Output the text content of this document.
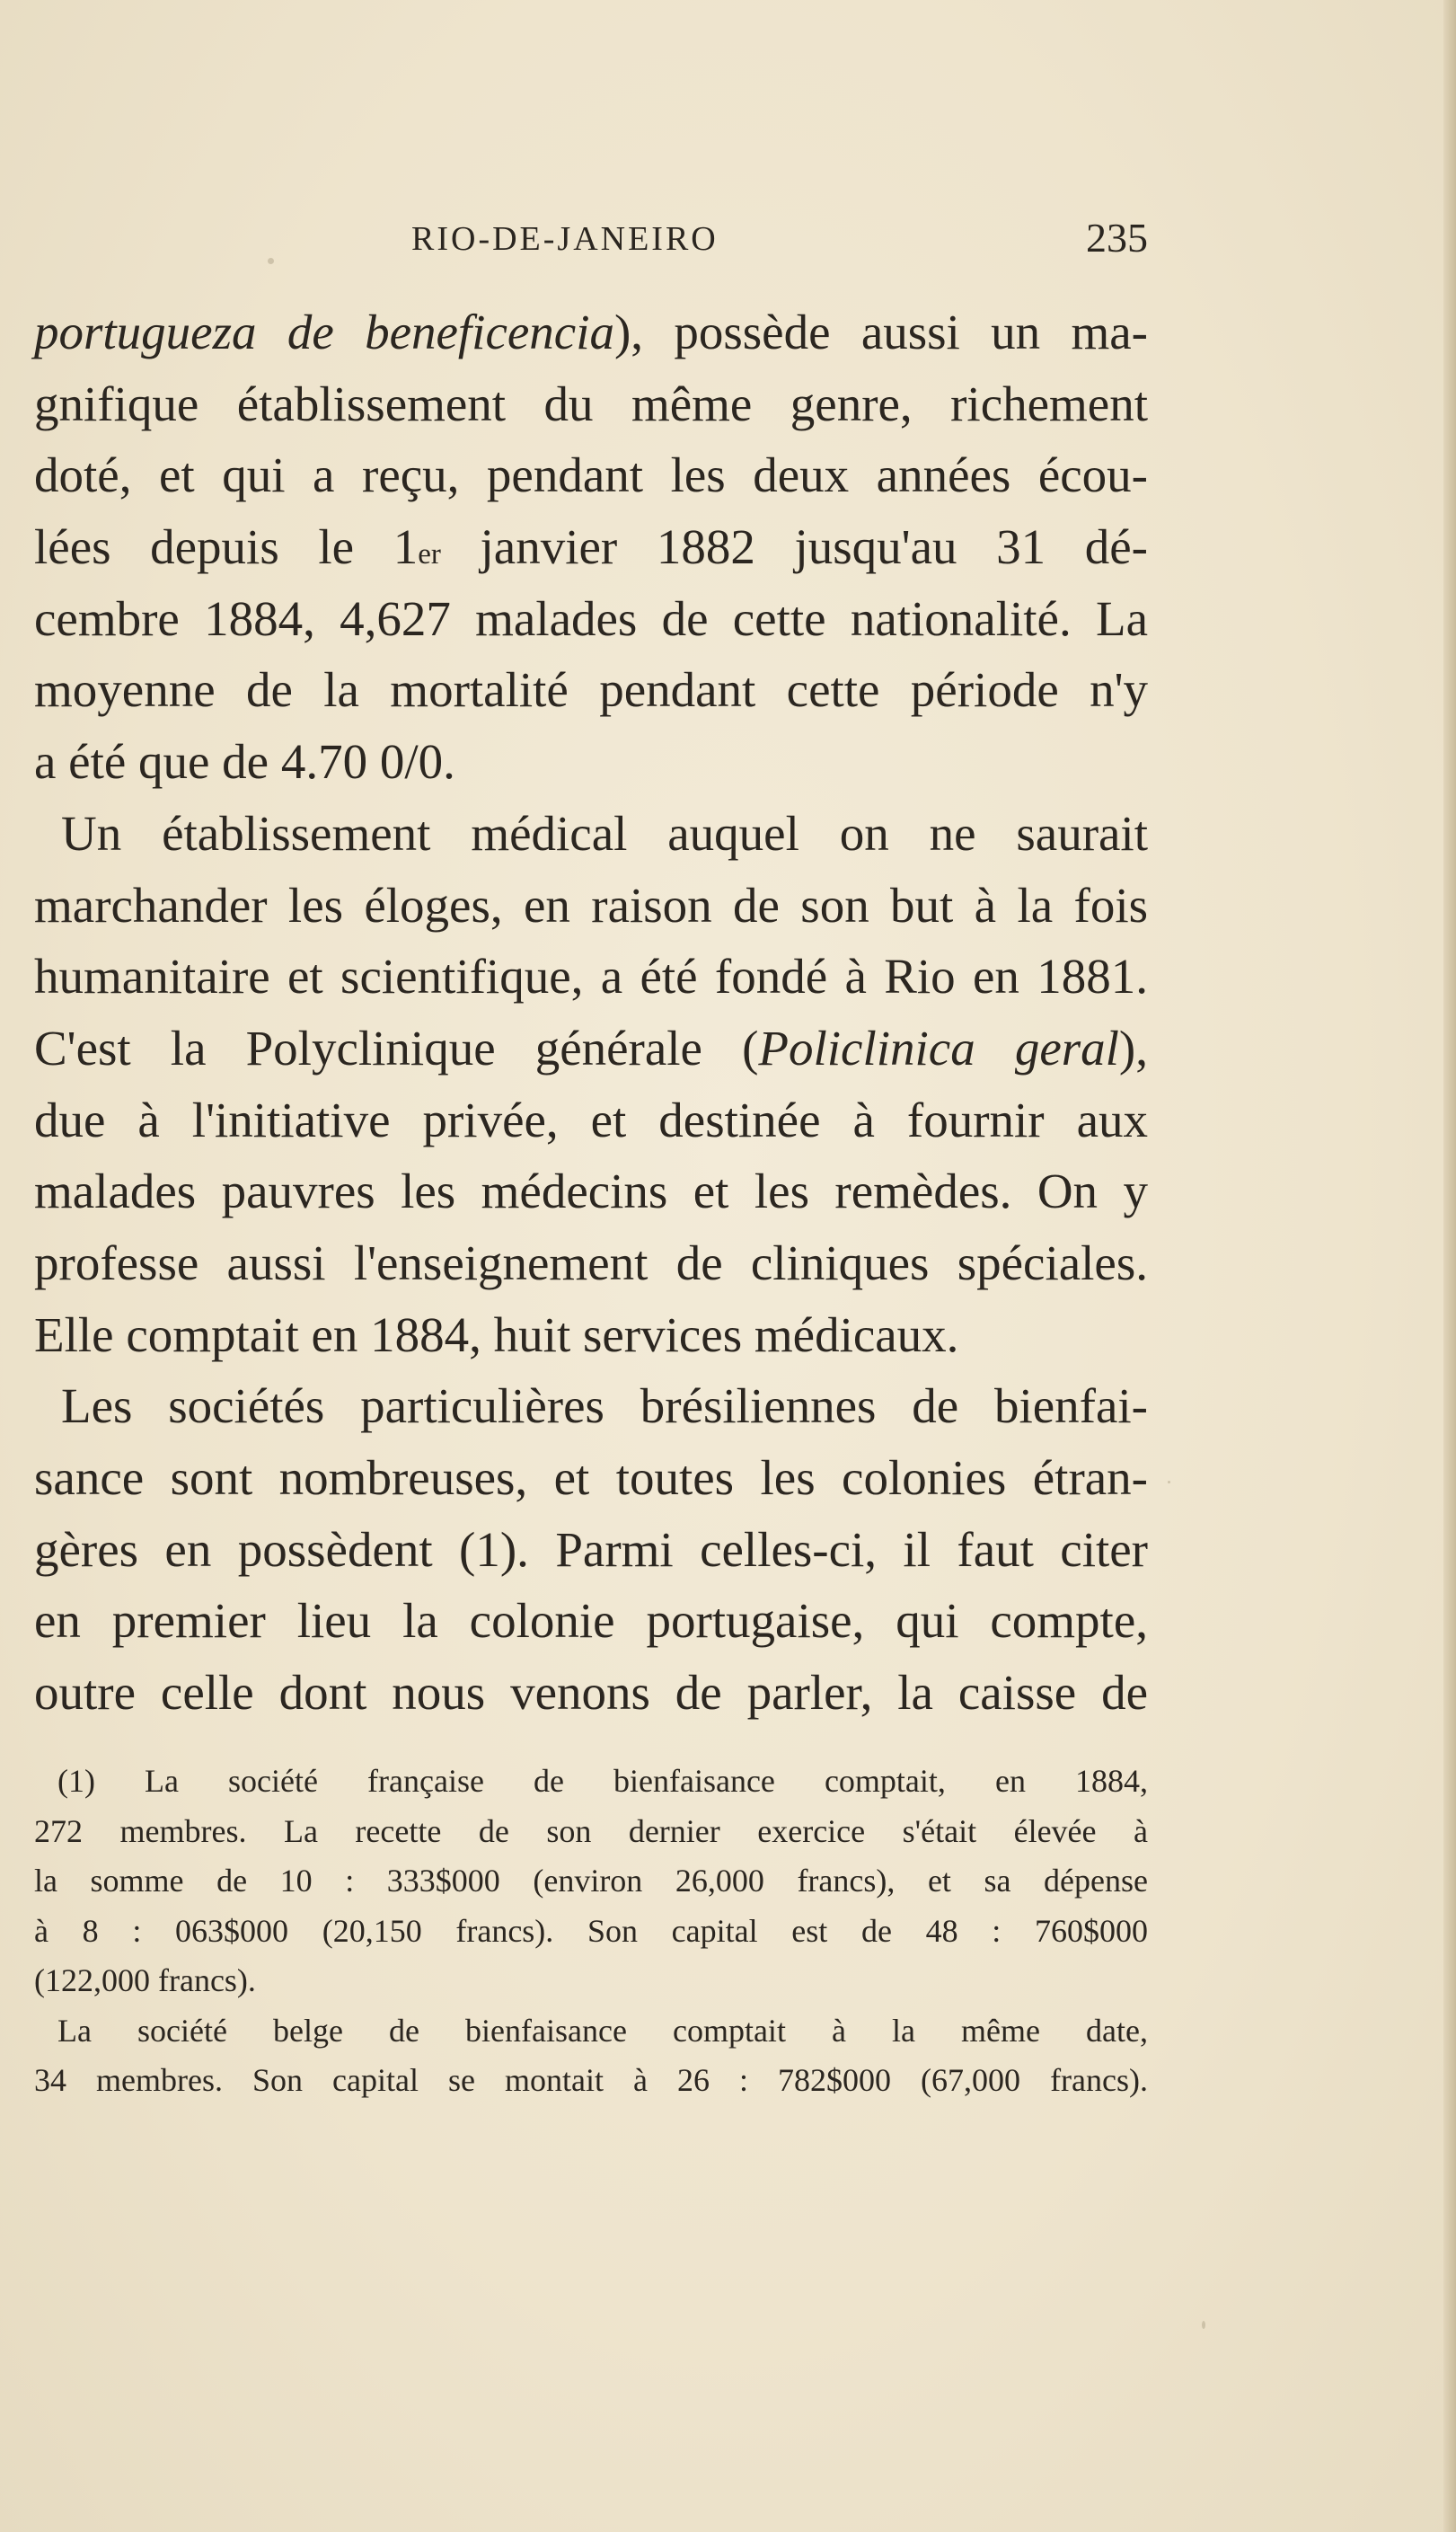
RIO-DE-JANEIRO	235
portugueza de beneficencia), possède aussi un ma-
gnifique établissement du même genre, richement
doté, et qui a reçu, pendant les deux années écou-
lées depuis le 1er janvier 1882 jusqu'au 31 dé-
cembre 1884, 4,627 malades de cette nationalité. La
moyenne de la mortalité pendant cette période n'y
a été que de 4.70 0/0.
Un établissement médical auquel on ne saurait
marchander les éloges, en raison de son but à la fois
humanitaire et scientifique, a été fondé à Rio en 1881.
C'est la Polyclinique générale (Policlinica geral),
due à l'initiative privée, et destinée à fournir aux
malades pauvres les médecins et les remèdes. On y
professe aussi l'enseignement de cliniques spéciales.
Elle comptait en 1884, huit services médicaux.
Les sociétés particulières brésiliennes de bienfai-
sance sont nombreuses, et toutes les colonies étran-
gères en possèdent (1). Parmi celles-ci, il faut citer
en premier lieu la colonie portugaise, qui compte,
outre celle dont nous venons de parler, la caisse de
(1) La société française de bienfaisance comptait, en 1884,
272 membres. La recette de son dernier exercice s'était élevée à
la somme de 10 : 333$000 (environ 26,000 francs), et sa dépense
à 8 : 063$000 (20,150 francs). Son capital est de 48 : 760$000
(122,000 francs).
La société belge de bienfaisance comptait à la même date,
34 membres. Son capital se montait à 26 : 782$000 (67,000 francs).
